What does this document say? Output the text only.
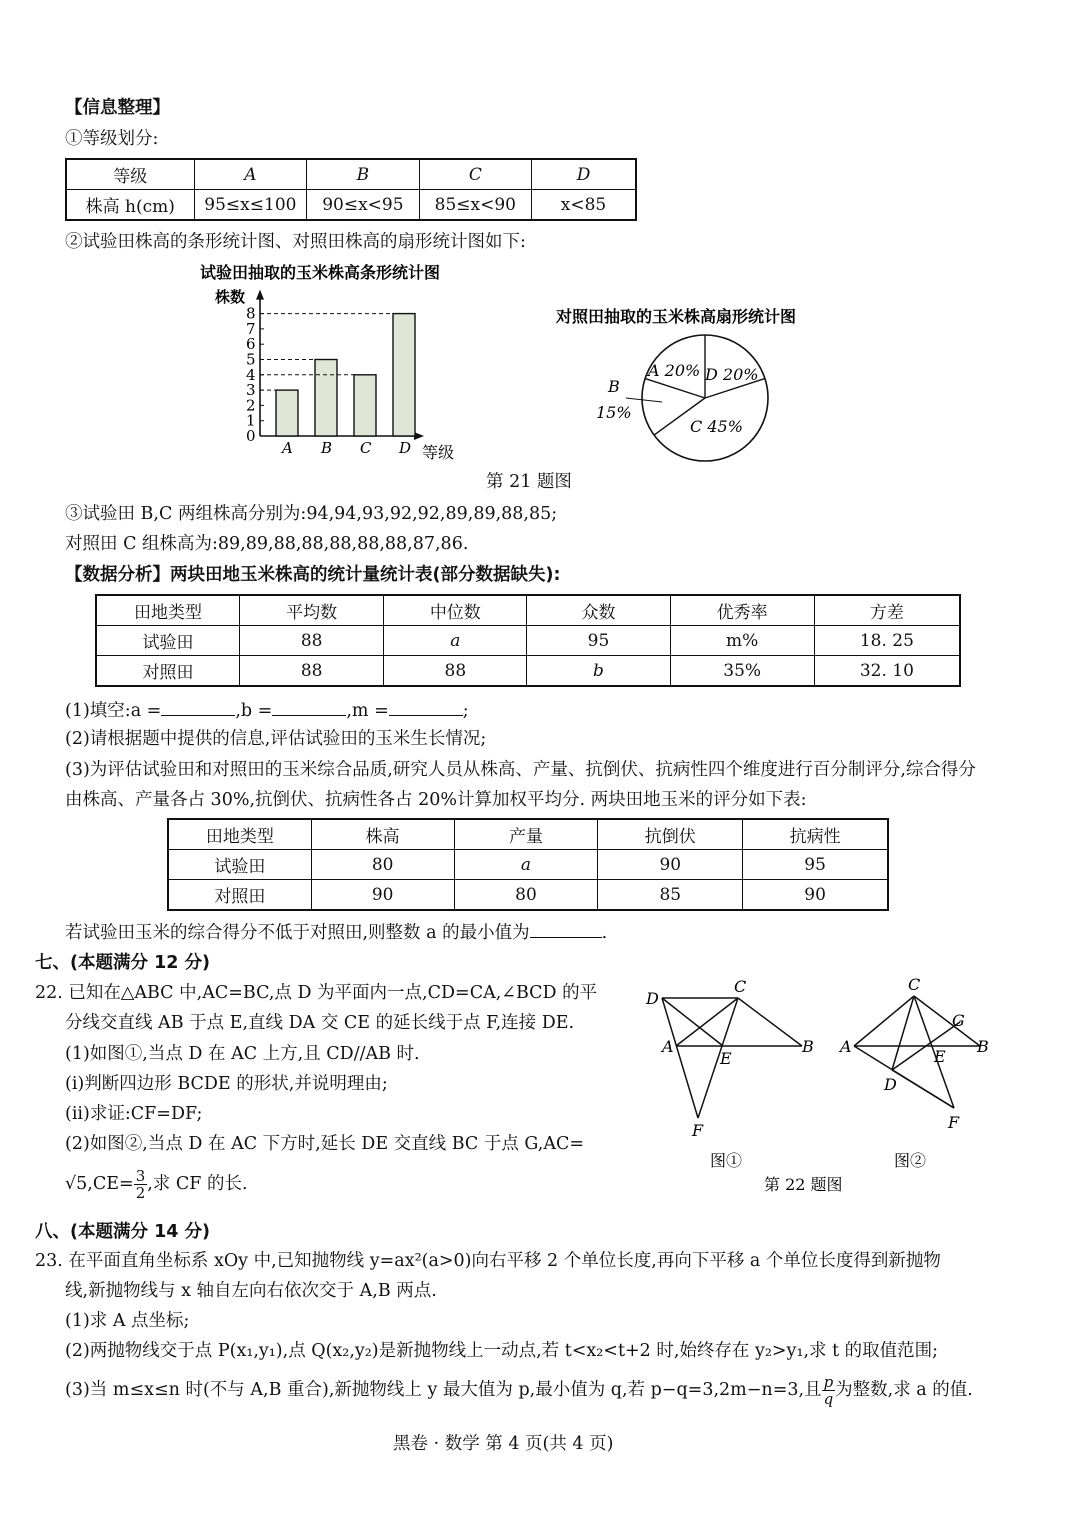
【信息整理】
①等级划分:
等级	A	B	C	D
株高 h(cm)	95≤x≤100	90≤x<95	85≤x<90	x<85
②试验田株高的条形统计图、对照田株高的扇形统计图如下:
试验田抽取的玉米株高条形统计图
株数
0
1
2
3
4
5
6
7
8
A B C D 等级
对照田抽取的玉米株高扇形统计图
A 20% D 20%
C 45%
B
15%
第 21 题图
③试验田 B,C 两组株高分别为:94,94,93,92,92,89,89,88,85;
对照田 C 组株高为:89,89,88,88,88,88,88,87,86.
【数据分析】两块田地玉米株高的统计量统计表(部分数据缺失):
田地类型	平均数	中位数	众数	优秀率	方差
试验田	88	a	95	m%	18. 25
对照田	88	88	b	35%	32. 10
(1)填空:a =	,b =	,m =	;
(2)请根据题中提供的信息,评估试验田的玉米生长情况;
(3)为评估试验田和对照田的玉米综合品质,研究人员从株高、产量、抗倒伏、抗病性四个维度进行百分制评分,综合得分
由株高、产量各占 30%,抗倒伏、抗病性各占 20%计算加权平均分. 两块田地玉米的评分如下表:
田地类型	株高	产量	抗倒伏	抗病性
试验田	80	a	90	95
对照田	90	80	85	90
若试验田玉米的综合得分不低于对照田,则整数 a 的最小值为	.
七、(本题满分 12 分)
22. 已知在△ABC 中,AC=BC,点 D 为平面内一点,CD=CA,∠BCD 的平
分线交直线 AB 于点 E,直线 DA 交 CE 的延长线于点 F,连接 DE.
(1)如图①,当点 D 在 AC 上方,且 CD//AB 时.
(i)判断四边形 BCDE 的形状,并说明理由;
(ii)求证:CF=DF;
(2)如图②,当点 D 在 AC 下方时,延长 DE 交直线 BC 于点 G,AC=
$√5,CE= \frac{3}{2}$ ,求 CF 的长.
D
C
A
E
B
F
图①
C
G
A
E
B
D
F
图②
第 22 题图
八、(本题满分 14 分)
23. 在平面直角坐标系 xOy 中,已知抛物线 y=ax²(a>0)向右平移 2 个单位长度,再向下平移 a 个单位长度得到新抛物
线,新抛物线与 x 轴自左向右依次交于 A,B 两点.
(1)求 A 点坐标;
(2)两抛物线交于点 P(x₁,y₁),点 Q(x₂,y₂)是新抛物线上一动点,若 t<x₂<t+2 时,始终存在 y₂>y₁,求 t 的取值范围;
(3)当 m≤x≤n 时(不与 A,B 重合),新抛物线上 y 最大值为 p,最小值为 q,若 p−q=3,2m−n=3,且 $\frac{p}{q}$ 为整数,求 a 的值.
黑卷 · 数学 第 4 页(共 4 页)
